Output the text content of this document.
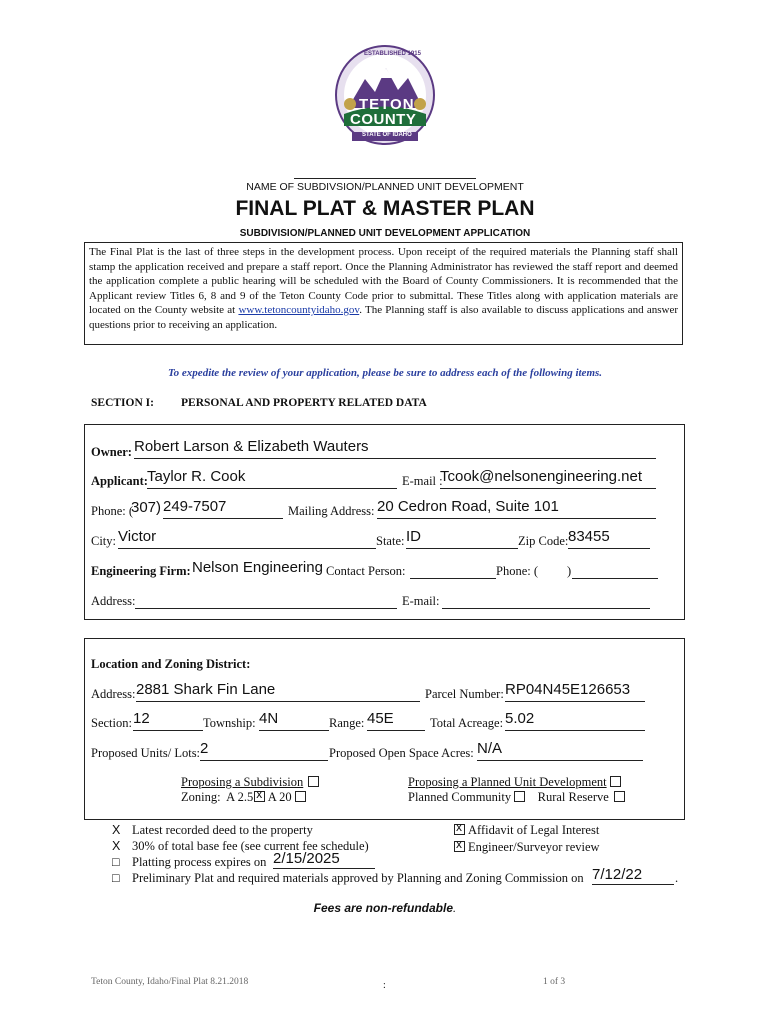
ESTABLISHED 1915
TETON
COUNTY
STATE OF IDAHO
NAME OF SUBDIVSION/PLANNED UNIT DEVELOPMENT
FINAL PLAT & MASTER PLAN
SUBDIVISION/PLANNED UNIT DEVELOPMENT APPLICATION
The Final Plat is the last of three steps in the development process. Upon receipt of the required materials the Planning staff shall stamp the application received and prepare a staff report. Once the Planning Administrator has reviewed the staff report and deemed the application complete a public hearing will be scheduled with the Board of County Commissioners. It is recommended that the Applicant review Titles 6, 8 and 9 of the Teton County Code prior to submittal. These Titles along with application materials are located on the County website at www.tetoncountyidaho.gov. The Planning staff is also available to discuss applications and answer questions prior to receiving an application.
To expedite the review of your application, please be sure to address each of the following items.
SECTION I: PERSONAL AND PROPERTY RELATED DATA
Owner: Robert Larson & Elizabeth Wauters
Applicant: Taylor R. Cook	E-mail :
Tcook@nelsonengineering.net
Phone: (
307 ) 249-7507	Mailing Address: 20 Cedron Road, Suite 101
City: Victor	State: ID	Zip Code: 83455
Engineering Firm: Nelson Engineering Contact Person:	Phone: ( )
Address:	E-mail:
Location and Zoning District:
Address: 2881 Shark Fin Lane	Parcel Number: RP04N45E126653
Section: 12	Township: 4N	Range: 45E	Total Acreage: 5.02
Proposed Units/ Lots: 2	Proposed Open Space Acres: N/A
Proposing a Subdivision
Zoning: A 2.5x A 20
Proposing a Planned Unit Development
Planned Community Rural Reserve
X Latest recorded deed to the property
X 30% of total base fee (see current fee schedule)
□ Platting process expires on 2/15/2025
□ Preliminary Plat and required materials approved by Planning and Zoning Commission on 7/12/22	.
xAffidavit of Legal Interest
xEngineer/Surveyor review
Fees are non-refundable.
Teton County, Idaho/Final Plat 8.21.2018	:	1 of 3
